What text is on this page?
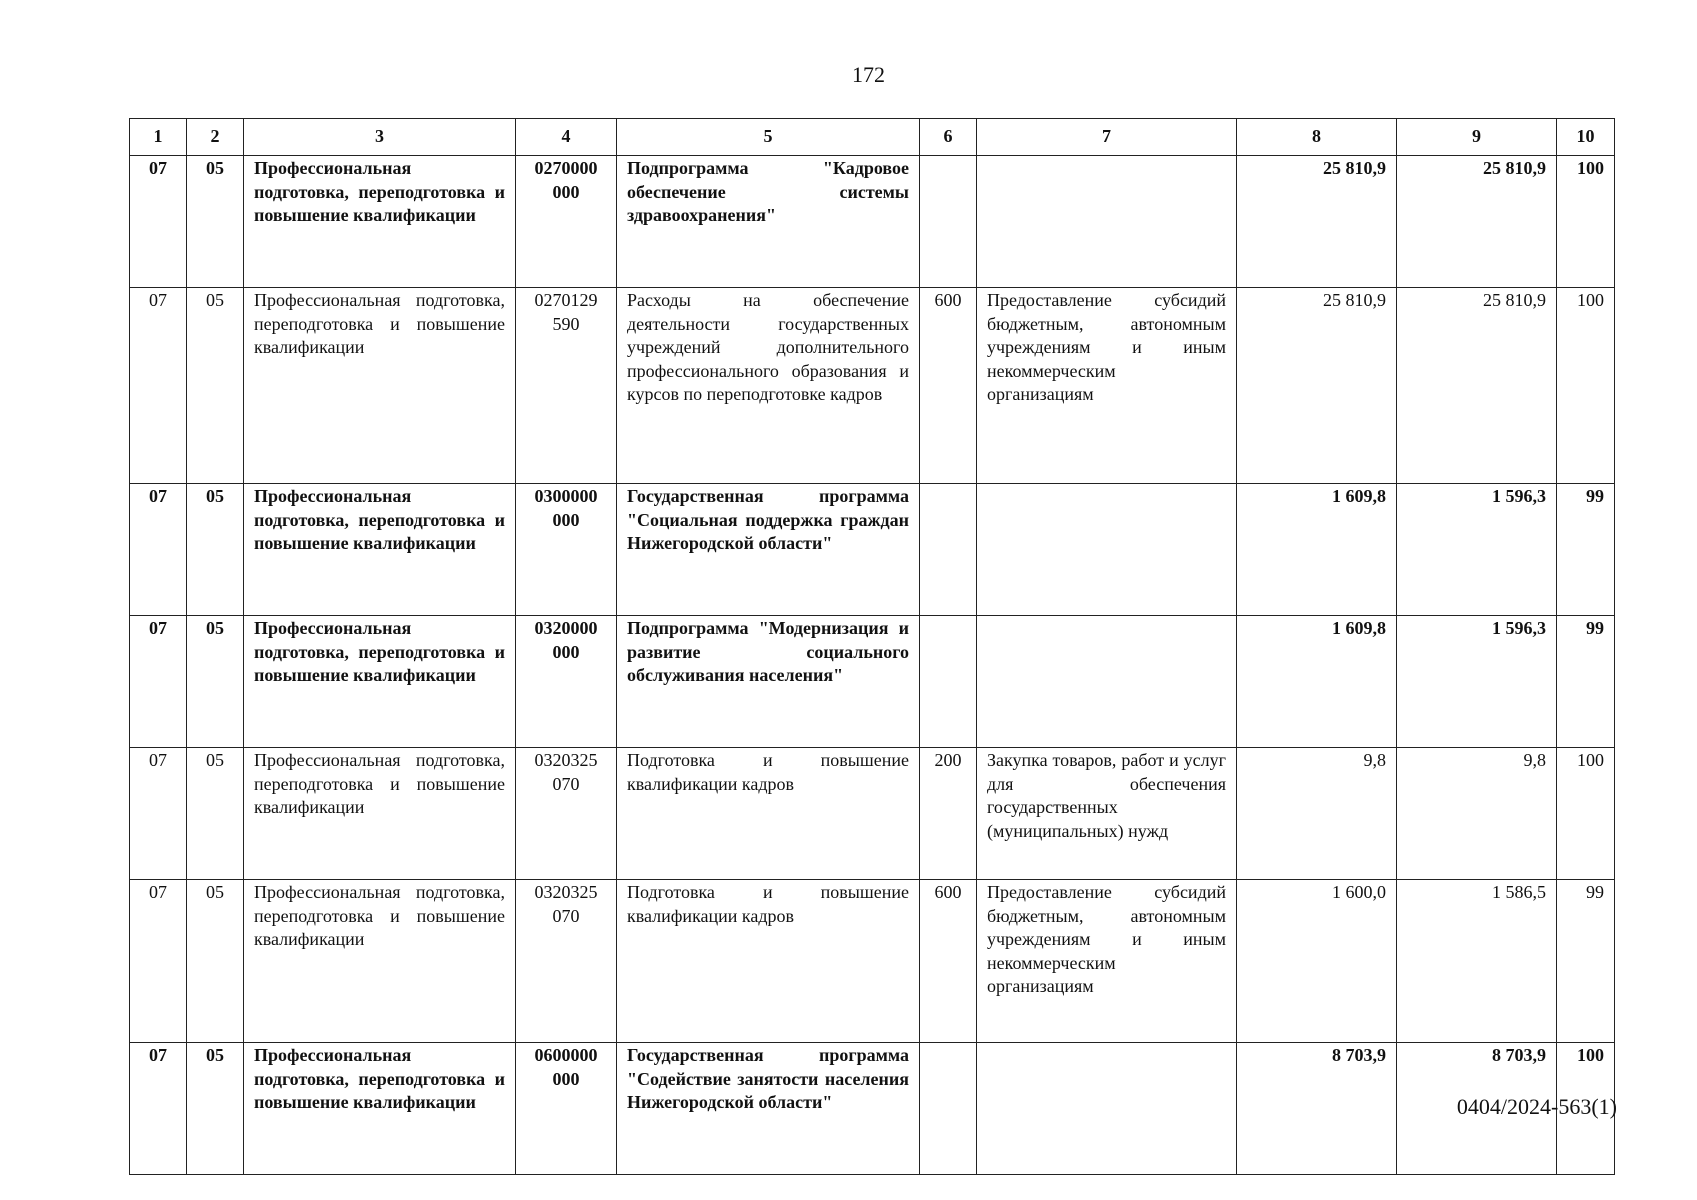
172
1	2	3	4	5	6	7	8	9	10
07	05	Профессиональная подготовка, переподготовка и повышение квалификации	0270000 000	Подпрограмма "Кадровое обеспечение системы здравоохранения"			25 810,9	25 810,9	100
07	05	Профессиональная подготовка, переподготовка и повышение квалификации	0270129 590	Расходы на обеспечение деятельности государственных учреждений дополнительного профессионального образования и курсов по переподготовке кадров	600	Предоставление субсидий бюджетным, автономным учреждениям и иным некоммерческим организациям	25 810,9	25 810,9	100
07	05	Профессиональная подготовка, переподготовка и повышение квалификации	0300000 000	Государственная программа "Социальная поддержка граждан Нижегородской области"			1 609,8	1 596,3	99
07	05	Профессиональная подготовка, переподготовка и повышение квалификации	0320000 000	Подпрограмма "Модернизация и развитие социального обслуживания населения"			1 609,8	1 596,3	99
07	05	Профессиональная подготовка, переподготовка и повышение квалификации	0320325 070	Подготовка и повышение квалификации кадров	200	Закупка товаров, работ и услуг для обеспечения государственных (муниципальных) нужд	9,8	9,8	100
07	05	Профессиональная подготовка, переподготовка и повышение квалификации	0320325 070	Подготовка и повышение квалификации кадров	600	Предоставление субсидий бюджетным, автономным учреждениям и иным некоммерческим организациям	1 600,0	1 586,5	99
07	05	Профессиональная подготовка, переподготовка и повышение квалификации	0600000 000	Государственная программа "Содействие занятости населения Нижегородской области"			8 703,9	8 703,9	100
0404/2024-563(1)
